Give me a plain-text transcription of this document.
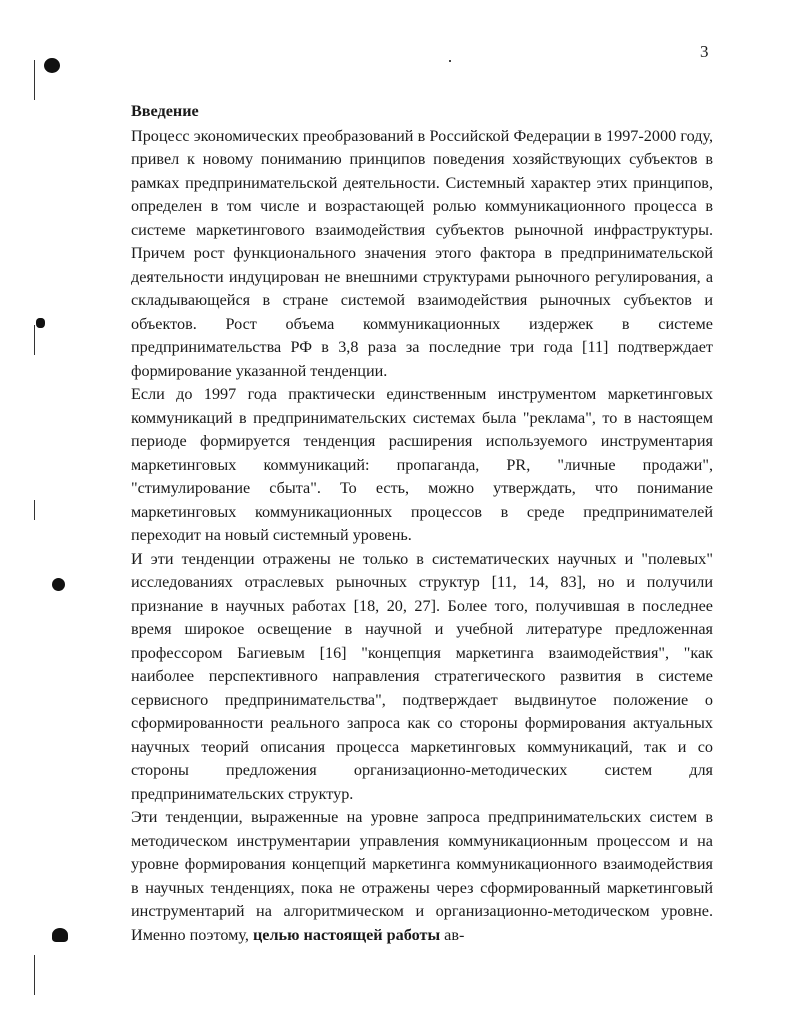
3
Введение

Процесс экономических преобразований в Российской Федерации в 1997-2000 году, привел к новому пониманию принципов поведения хозяйствующих субъектов в рамках предпринимательской деятельности. Системный характер этих принципов, определен в том числе и возрастающей ролью коммуникационного процесса в системе маркетингового взаимодействия субъектов рыночной инфраструктуры. Причем рост функционального значения этого фактора в предпринимательской деятельности индуцирован не внешними структурами рыночного регулирования, а складывающейся в стране системой взаимодействия рыночных субъектов и объектов. Рост объема коммуникационных издержек в системе предпринимательства РФ в 3,8 раза за последние три года [11] подтверждает формирование указанной тенденции.

Если до 1997 года практически единственным инструментом маркетинговых коммуникаций в предпринимательских системах была "реклама", то в настоящем периоде формируется тенденция расширения используемого инструментария маркетинговых коммуникаций: пропаганда, PR, "личные продажи", "стимулирование сбыта". То есть, можно утверждать, что понимание маркетинговых коммуникационных процессов в среде предпринимателей переходит на новый системный уровень.

И эти тенденции отражены не только в систематических научных и "полевых" исследованиях отраслевых рыночных структур [11, 14, 83], но и получили признание в научных работах [18, 20, 27]. Более того, получившая в последнее время широкое освещение в научной и учебной литературе предложенная профессором Багиевым [16] "концепция маркетинга взаимодействия", "как наиболее перспективного направления стратегического развития в системе сервисного предпринимательства", подтверждает выдвинутое положение о сформированности реального запроса как со стороны формирования актуальных научных теорий описания процесса маркетинговых коммуникаций, так и со стороны предложения организационно-методических систем для предпринимательских структур.

Эти тенденции, выраженные на уровне запроса предпринимательских систем в методическом инструментарии управления коммуникационным процессом и на уровне формирования концепций маркетинга коммуникационного взаимодействия в научных тенденциях, пока не отражены через сформированный маркетинговый инструментарий на алгоритмическом и организационно-методическом уровне. Именно поэтому, целью настоящей работы ав-
